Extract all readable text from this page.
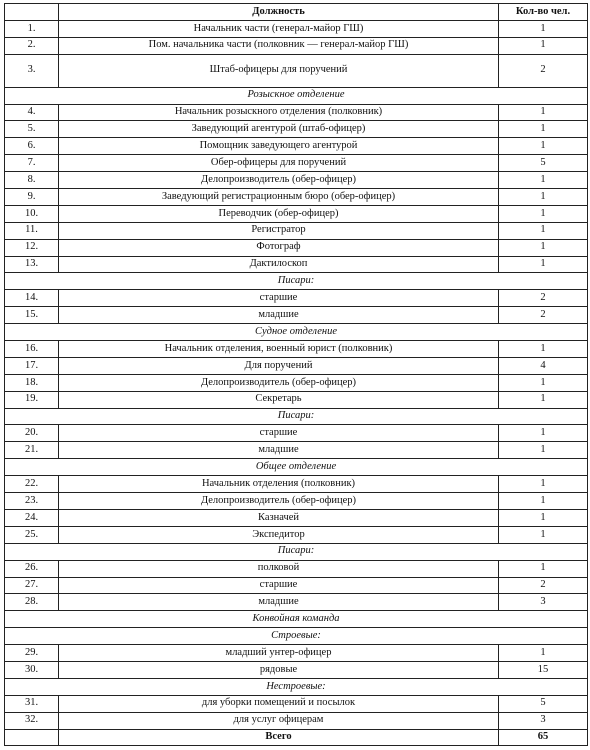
	Должность	Кол-во чел.
1.	Начальник части (генерал-майор ГШ)	1
2.	Пом. начальника части (полковник — генерал-майор ГШ)	1
3.	Штаб-офицеры для поручений	2
Розыскное отделение		
4.	Начальник розыскного отделения (полковник)	1
5.	Заведующий агентурой (штаб-офицер)	1
6.	Помощник заведующего агентурой	1
7.	Обер-офицеры для поручений	5
8.	Делопроизводитель (обер-офицер)	1
9.	Заведующий регистрационным бюро (обер-офицер)	1
10.	Переводчик (обер-офицер)	1
11.	Регистратор	1
12.	Фотограф	1
13.	Дактилоскоп	1
Писари:		
14.	старшие	2
15.	младшие	2
Судное отделение		
16.	Начальник отделения, военный юрист (полковник)	1
17.	Для поручений	4
18.	Делопроизводитель (обер-офицер)	1
19.	Секретарь	1
Писари:		
20.	старшие	1
21.	младшие	1
Общее отделение		
22.	Начальник отделения (полковник)	1
23.	Делопроизводитель (обер-офицер)	1
24.	Казначей	1
25.	Экспедитор	1
Писари:		
26.	полковой	1
27.	старшие	2
28.	младшие	3
Конвойная команда		
Строевые:		
29.	младший унтер-офицер	1
30.	рядовые	15
Нестроевые:		
31.	для уборки помещений и посылок	5
32.	для услуг офицерам	3
	Всего	65
